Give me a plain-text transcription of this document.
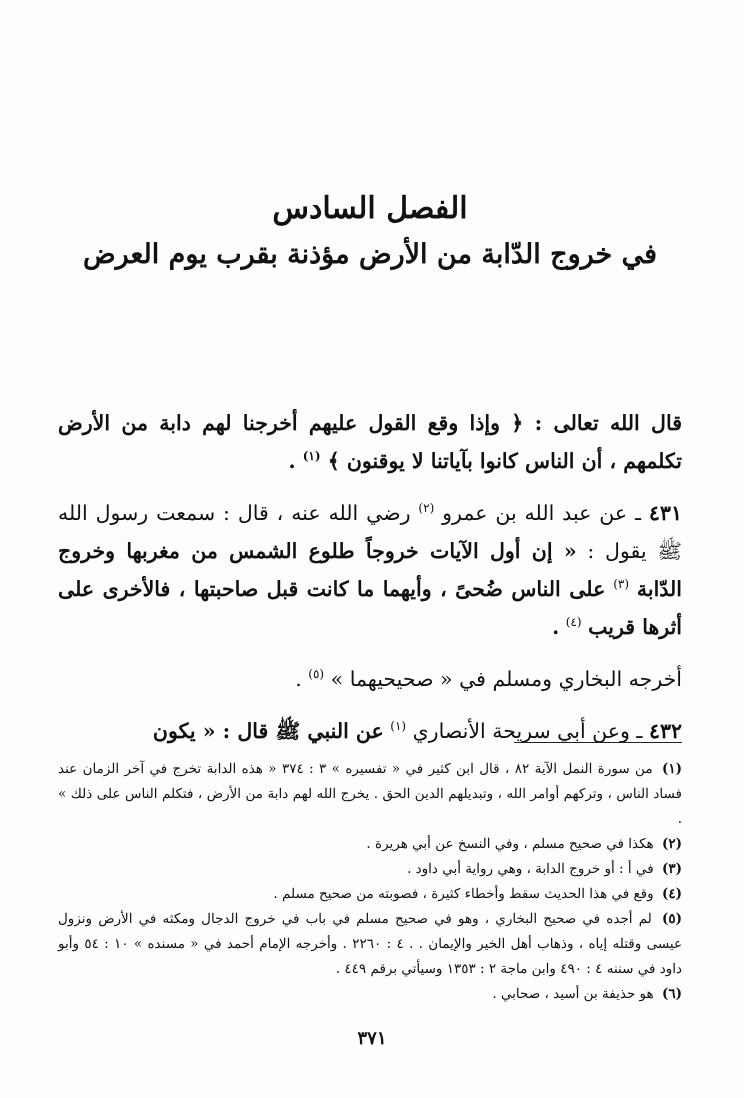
الفصل السادس

في خروج الدّابة من الأرض مؤذنة بقرب يوم العرض

قال الله تعالى : ﴿ وإذا وقع القول عليهم أخرجنا لهم دابة من الأرض تكلمهم ، أن الناس كانوا بآياتنا لا يوقنون ﴾ $^{(١)}$ .

٤٣١ ـ عن عبد الله بن عمرو $^{(٢)}$ رضي الله عنه ، قال : سمعت رسول الله ﷺ يقول : « إن أول الآيات خروجاً طلوع الشمس من مغربها وخروج الدّابة $^{(٣)}$ على الناس ضُحىً ، وأيهما ما كانت قبل صاحبتها ، فالأخرى على أثرها قريب $^{(٤)}$ .

أخرجه البخاري ومسلم في « صحيحيهما » $^{(٥)}$ .

٤٣٢ ـ وعن أبي سريحة الأنصاري $^{(١)}$ عن النبي ﷺ قال : « يكون

(١) من سورة النمل الآية ٨٢ ، قال ابن كثير في « تفسيره » ٣ : ٣٧٤ « هذه الدابة تخرج في آخر الزمان عند فساد الناس ، وتركهم أوامر الله ، وتبديلهم الدين الحق . يخرج الله لهم دابة من الأرض ، فتكلم الناس على ذلك » .

(٢) هكذا في صحيح مسلم ، وفي النسخ عن أبي هريرة .

(٣) في أ : أو خروج الدابة ، وهي رواية أبي داود .

(٤) وقع في هذا الحديث سقط وأخطاء كثيرة ، فصوبته من صحيح مسلم .

(٥) لم أجده في صحيح البخاري ، وهو في صحيح مسلم في باب في خروج الدجال ومكثه في الأرض ونزول عيسى وقتله إياه ، وذهاب أهل الخير والإيمان . . ٤ : ٢٢٦٠ . وأخرجه الإمام أحمد في « مسنده » ١٠ : ٥٤ وأبو داود في سننه ٤ : ٤٩٠ وابن ماجة ٢ : ١٣٥٣ وسيأتي برقم ٤٤٩ .

(٦) هو حذيفة بن أسيد ، صحابي .

٣٧١
